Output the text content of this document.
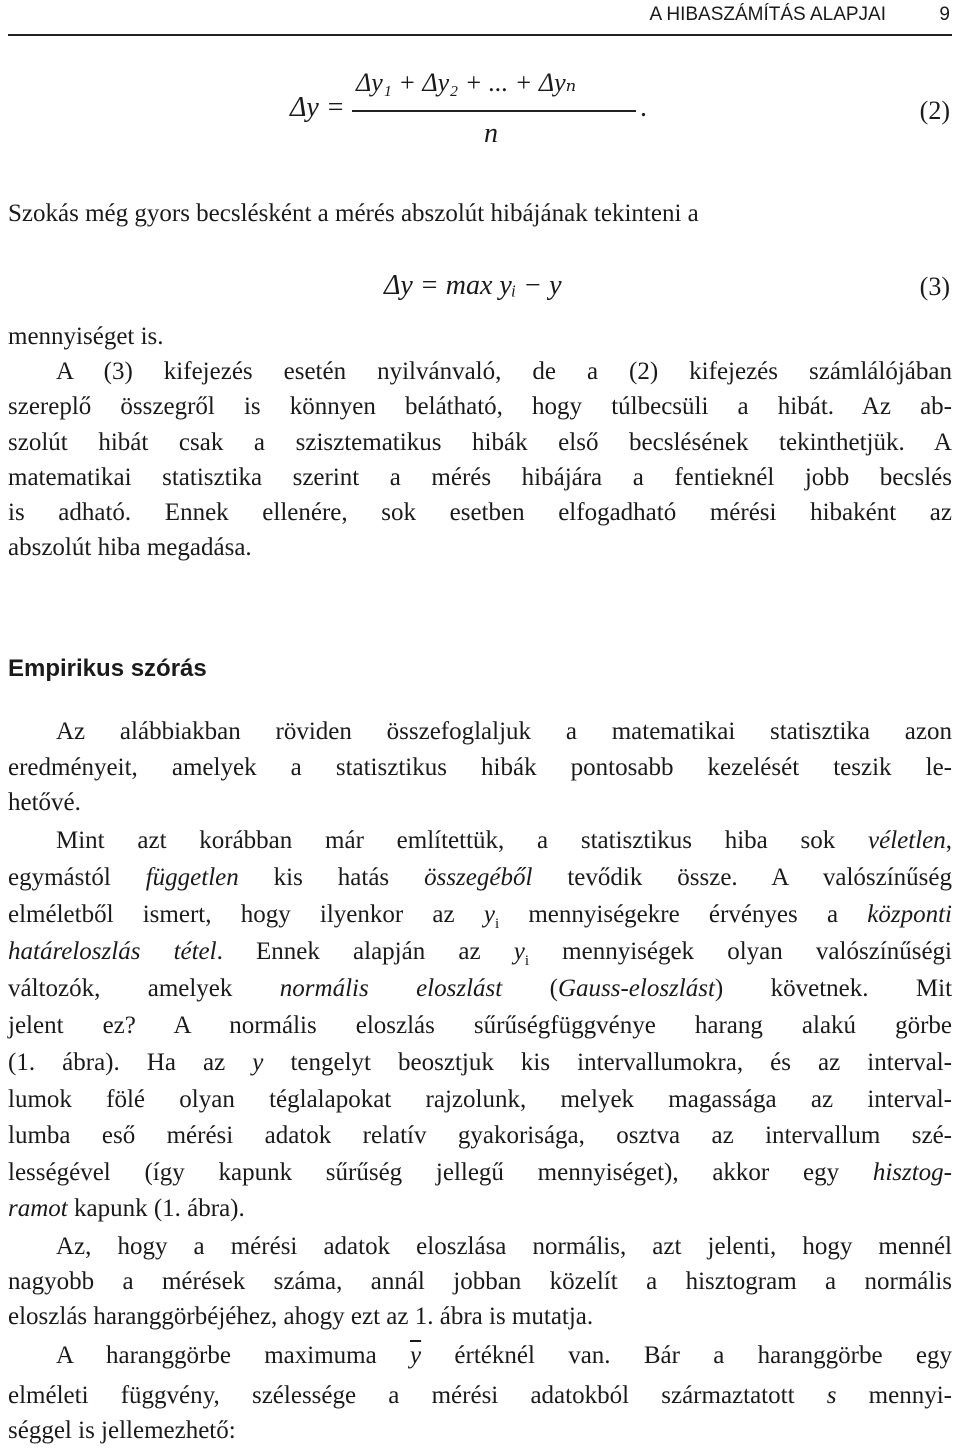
A HIBASZÁMÍTÁS ALAPJAI	9
Δy =
Δy₁ + Δy₂ + ... + Δyₙ
n
.	(2)
Szokás még gyors becslésként a mérés abszolút hibájának tekinteni a
Δy = max yᵢ − y	(3)
mennyiséget is.
A (3) kifejezés esetén nyilvánvaló, de a (2) kifejezés számlálójában
szereplő összegről is könnyen belátható, hogy túlbecsüli a hibát. Az ab-
szolút hibát csak a szisztematikus hibák első becslésének tekinthetjük. A
matematikai statisztika szerint a mérés hibájára a fentieknél jobb becslés
is adható. Ennek ellenére, sok esetben elfogadható mérési hibaként az
abszolút hiba megadása.
Empirikus szórás
Az alábbiakban röviden összefoglaljuk a matematikai statisztika azon
eredményeit, amelyek a statisztikus hibák pontosabb kezelését teszik le-
hetővé.
Mint azt korábban már említettük, a statisztikus hiba sok véletlen,
egymástól független kis hatás összegéből tevődik össze. A valószínűség
elméletből ismert, hogy ilyenkor az $y_i$ mennyiségekre érvényes a központi
határeloszlás tétel. Ennek alapján az $y_i$ mennyiségek olyan valószínűségi
változók, amelyek normális eloszlást (Gauss-eloszlást) követnek. Mit
jelent ez? A normális eloszlás sűrűségfüggvénye harang alakú görbe
(1. ábra). Ha az y tengelyt beosztjuk kis intervallumokra, és az interval-
lumok fölé olyan téglalapokat rajzolunk, melyek magassága az interval-
lumba eső mérési adatok relatív gyakorisága, osztva az intervallum szé-
lességével (így kapunk sűrűség jellegű mennyiséget), akkor egy hisztog-
ramot kapunk (1. ábra).
Az, hogy a mérési adatok eloszlása normális, azt jelenti, hogy mennél
nagyobb a mérések száma, annál jobban közelít a hisztogram a normális
eloszlás haranggörbéjéhez, ahogy ezt az 1. ábra is mutatja.
A haranggörbe maximuma $\overline{y}$ értéknél van. Bár a haranggörbe egy
elméleti függvény, szélessége a mérési adatokból származtatott s mennyi-
séggel is jellemezhető:
